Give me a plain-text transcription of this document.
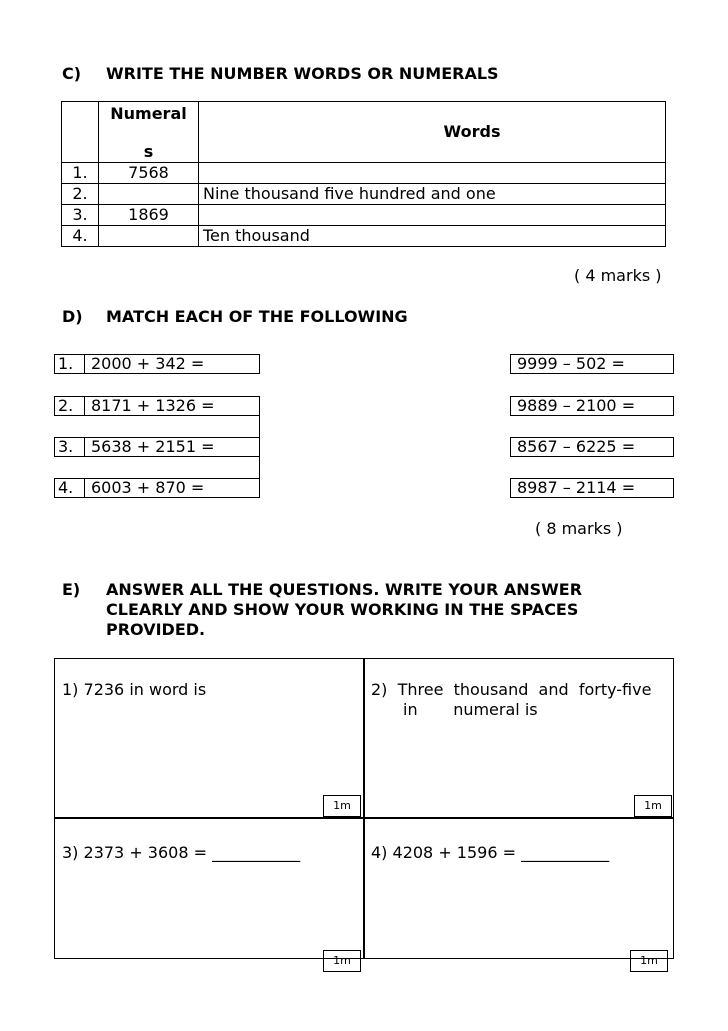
C) WRITE THE NUMBER WORDS OR NUMERALS

	Numeral
s	Words

1.	7568	
2.		Nine thousand five hundred and one
3.	1869	
4.		Ten thousand
( 4 marks )
D) MATCH EACH OF THE FOLLOWING
1.	2000 + 342 =
2.	8171 + 1326 =
3.	5638 + 2151 =
4.	6003 + 870 =
9999 – 502 =
9889 – 2100 =
8567 – 6225 =
8987 – 2114 =
( 8 marks )
E) ANSWER ALL THE QUESTIONS. WRITE YOUR ANSWER
CLEARLY AND SHOW YOUR WORKING IN THE SPACES
PROVIDED.
1) 7236 in word is	2)  Three  thousand  and  forty-five
in       numeral is
3) 2373 + 3608 = ___________	4) 4208 + 1596 = ___________
1m	1m
1m	1m
